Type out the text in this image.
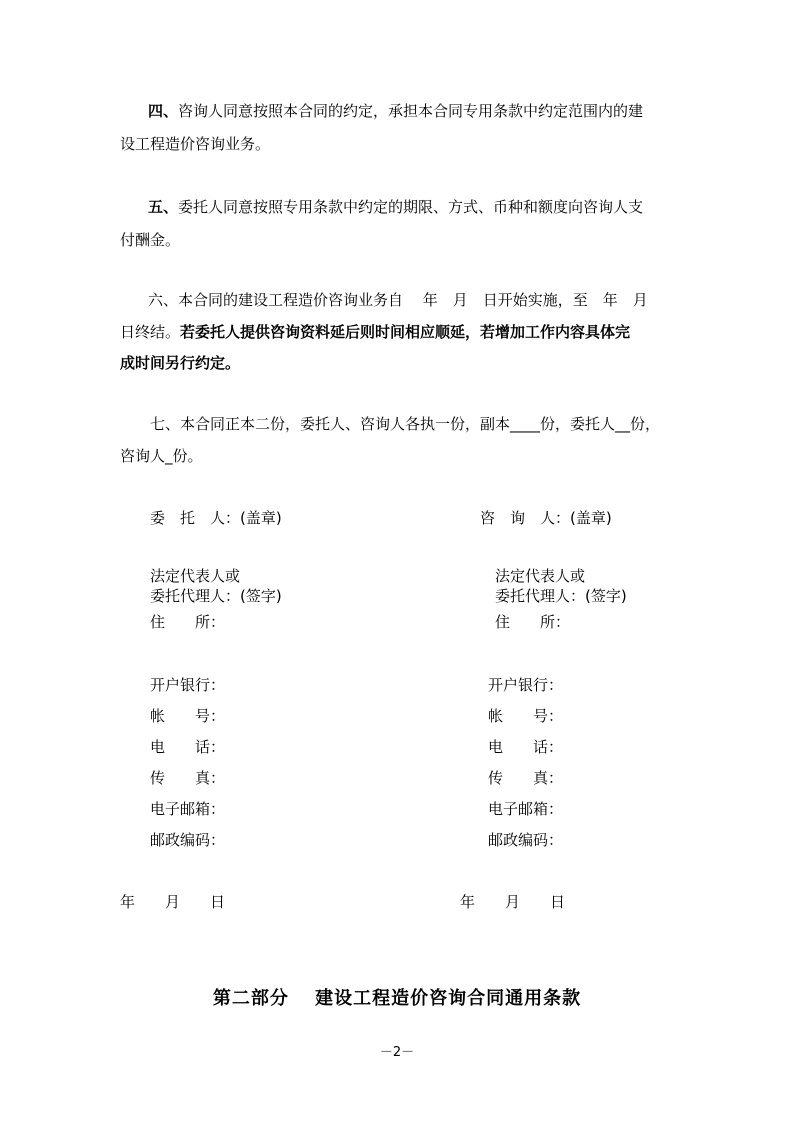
四、咨询人同意按照本合同的约定，承担本合同专用条款中约定范围内的建
设工程造价咨询业务。
五、委托人同意按照专用条款中约定的期限、方式、币种和额度向咨询人支
付酬金。
六、本合同的建设工程造价咨询业务自　 年　月　日开始实施，至　年　月
日终结。若委托人提供咨询资料延后则时间相应顺延，若增加工作内容具体完
成时间另行约定。
七、本合同正本二份，委托人、咨询人各执一份，副本____份，委托人__份，
咨询人_份。
委　托　人：(盖章)
法定代表人或
委托代理人：(签字)
住　　所：
开户银行：
帐　　号：
电　　话：
传　　真：
电子邮箱：
邮政编码：
年　　月　　日
咨　询　人：(盖章)
法定代表人或
委托代理人：(签字)
住　　所：
开户银行：
帐　　号：
电　　话：
传　　真：
电子邮箱：
邮政编码：
年　　月　　日
第二部分　 建设工程造价咨询合同通用条款
－2－
